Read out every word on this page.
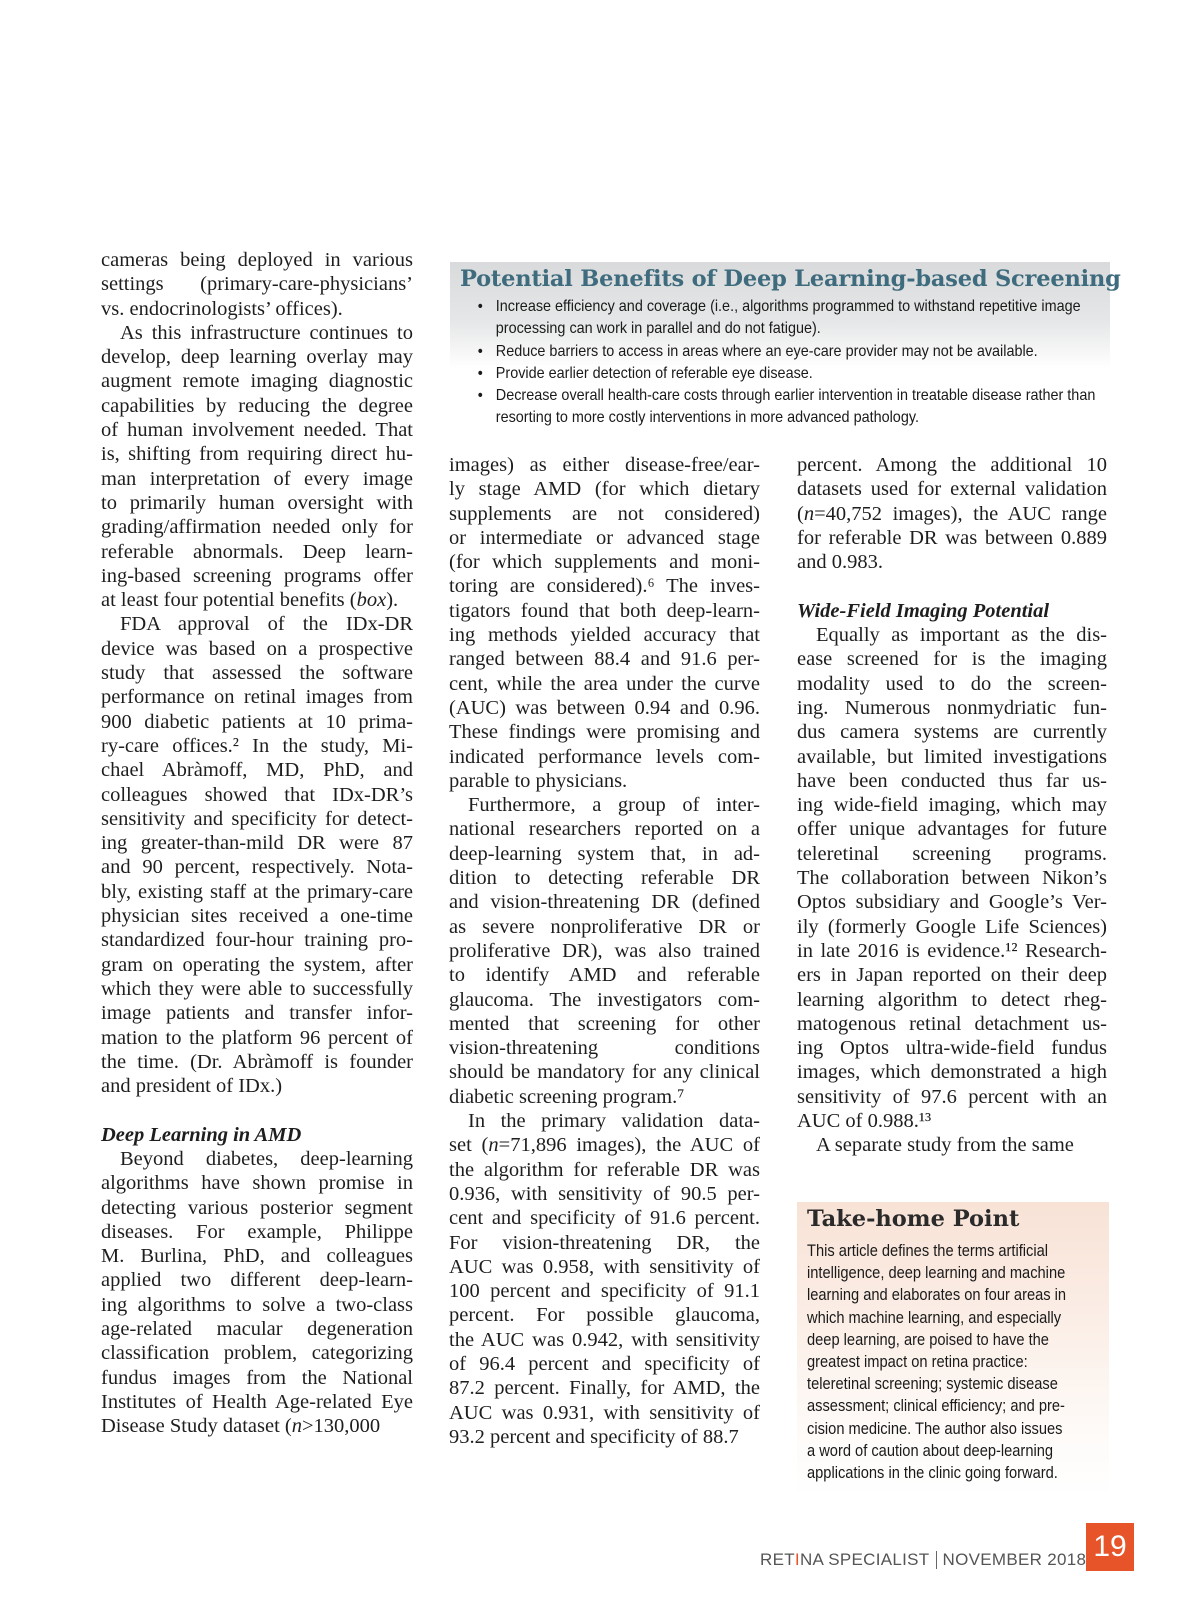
cameras being deployed in various
settings (primary-care-physicians’
vs. endocrinologists’ offices).
As this infrastructure continues to
develop, deep learning overlay may
augment remote imaging diagnostic
capabilities by reducing the degree
of human involvement needed. That
is, shifting from requiring direct hu-
man interpretation of every image
to primarily human oversight with
grading/affirmation needed only for
referable abnormals. Deep learn-
ing-based screening programs offer
at least four potential benefits (box).
FDA approval of the IDx-DR
device was based on a prospective
study that assessed the software
performance on retinal images from
900 diabetic patients at 10 prima-
ry-care offices.² In the study, Mi-
chael Abràmoff, MD, PhD, and
colleagues showed that IDx-DR’s
sensitivity and specificity for detect-
ing greater-than-mild DR were 87
and 90 percent, respectively. Nota-
bly, existing staff at the primary-care
physician sites received a one-time
standardized four-hour training pro-
gram on operating the system, after
which they were able to successfully
image patients and transfer infor-
mation to the platform 96 percent of
the time. (Dr. Abràmoff is founder
and president of IDx.)
Deep Learning in AMD
Beyond diabetes, deep-learning
algorithms have shown promise in
detecting various posterior segment
diseases. For example, Philippe
M. Burlina, PhD, and colleagues
applied two different deep-learn-
ing algorithms to solve a two-class
age-related macular degeneration
classification problem, categorizing
fundus images from the National
Institutes of Health Age-related Eye
Disease Study dataset (n>130,000
Potential Benefits of Deep Learning-based Screening
• Increase efficiency and coverage (i.e., algorithms programmed to withstand repetitive image processing can work in parallel and do not fatigue).
• Reduce barriers to access in areas where an eye-care provider may not be available.
• Provide earlier detection of referable eye disease.
• Decrease overall health-care costs through earlier intervention in treatable disease rather than resorting to more costly interventions in more advanced pathology.
images) as either disease-free/ear-
ly stage AMD (for which dietary
supplements are not considered)
or intermediate or advanced stage
(for which supplements and moni-
toring are considered).⁶ The inves-
tigators found that both deep-learn-
ing methods yielded accuracy that
ranged between 88.4 and 91.6 per-
cent, while the area under the curve
(AUC) was between 0.94 and 0.96.
These findings were promising and
indicated performance levels com-
parable to physicians.
Furthermore, a group of inter-
national researchers reported on a
deep-learning system that, in ad-
dition to detecting referable DR
and vision-threatening DR (defined
as severe nonproliferative DR or
proliferative DR), was also trained
to identify AMD and referable
glaucoma. The investigators com-
mented that screening for other
vision-threatening conditions
should be mandatory for any clinical
diabetic screening program.⁷
In the primary validation data-
set (n=71,896 images), the AUC of
the algorithm for referable DR was
0.936, with sensitivity of 90.5 per-
cent and specificity of 91.6 percent.
For vision-threatening DR, the
AUC was 0.958, with sensitivity of
100 percent and specificity of 91.1
percent. For possible glaucoma,
the AUC was 0.942, with sensitivity
of 96.4 percent and specificity of
87.2 percent. Finally, for AMD, the
AUC was 0.931, with sensitivity of
93.2 percent and specificity of 88.7
percent. Among the additional 10
datasets used for external validation
(n=40,752 images), the AUC range
for referable DR was between 0.889
and 0.983.
Wide-Field Imaging Potential
Equally as important as the dis-
ease screened for is the imaging
modality used to do the screen-
ing. Numerous nonmydriatic fun-
dus camera systems are currently
available, but limited investigations
have been conducted thus far us-
ing wide-field imaging, which may
offer unique advantages for future
teleretinal screening programs.
The collaboration between Nikon’s
Optos subsidiary and Google’s Ver-
ily (formerly Google Life Sciences)
in late 2016 is evidence.¹² Research-
ers in Japan reported on their deep
learning algorithm to detect rheg-
matogenous retinal detachment us-
ing Optos ultra-wide-field fundus
images, which demonstrated a high
sensitivity of 97.6 percent with an
AUC of 0.988.¹³
A separate study from the same
Take-home Point
This article defines the terms artificial
intelligence, deep learning and machine
learning and elaborates on four areas in
which machine learning, and especially
deep learning, are poised to have the
greatest impact on retina practice:
teleretinal screening; systemic disease
assessment; clinical efficiency; and pre-
cision medicine. The author also issues
a word of caution about deep-learning
applications in the clinic going forward.
RETINA SPECIALIST NOVEMBER 2018 19
